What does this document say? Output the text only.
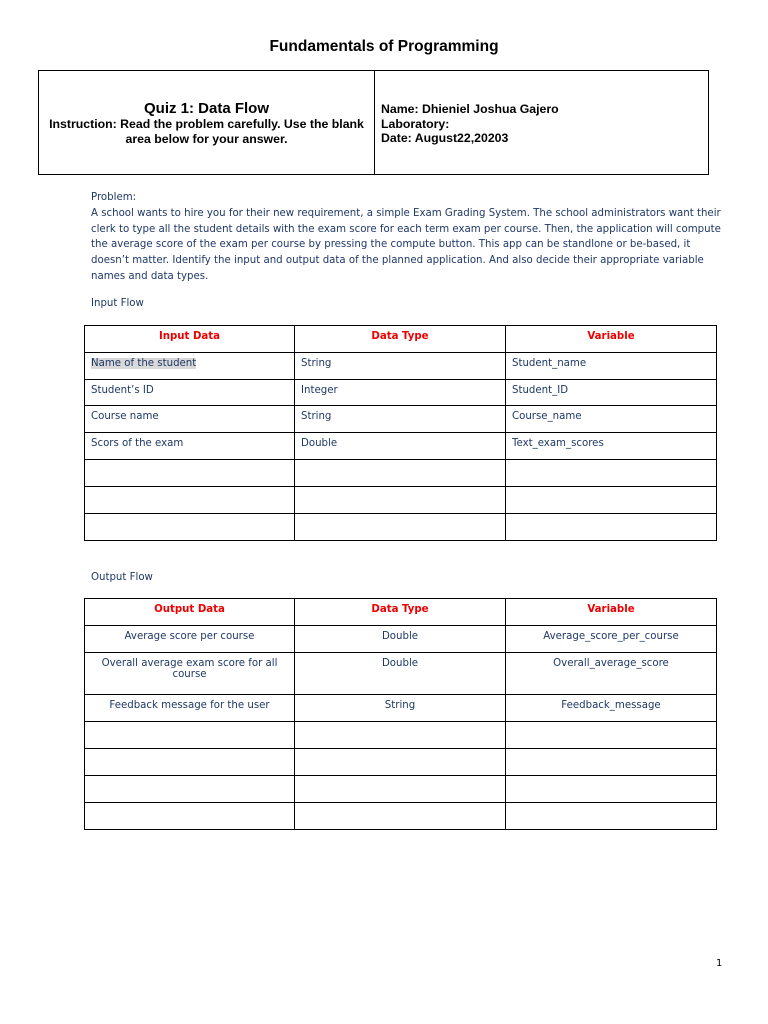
Fundamentals of Programming
Quiz 1: Data Flow
Instruction: Read the problem carefully. Use the blank area below for your answer.
Name: Dhieniel Joshua Gajero
Laboratory:
Date: August22,20203

Problem:

A school wants to hire you for their new requirement, a simple Exam Grading System. The school administrators want their clerk to type all the student details with the exam score for each term exam per course. Then, the application will compute the average score of the exam per course by pressing the compute button. This app can be standlone or be-based, it doesn’t matter. Identify the input and output data of the planned application. And also decide their appropriate variable names and data types.

Input Flow
Input Data	Data Type	Variable
Name of the student	String	Student_name
Student’s ID	Integer	Student_ID
Course name	String	Course_name
Scors of the exam	Double	Text_exam_scores

Output Flow
Output Data	Data Type	Variable
Average score per course	Double	Average_score_per_course
Overall average exam score for all course	Double	Overall_average_score
Feedback message for the user	String	Feedback_message

1
